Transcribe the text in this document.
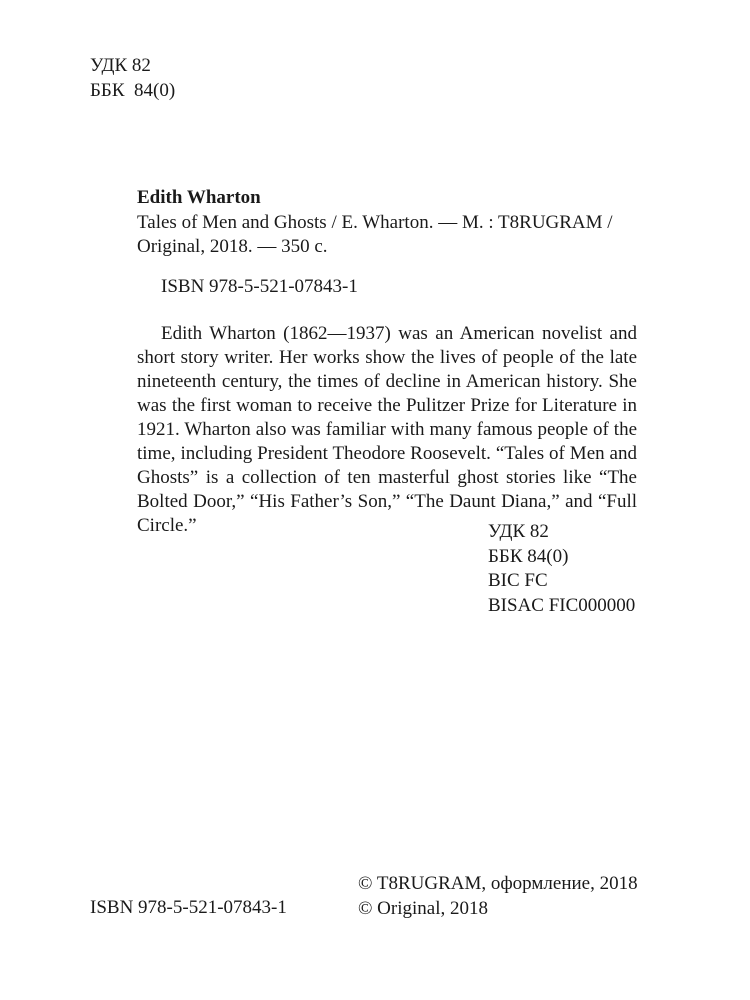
УДК 82
ББК  84(0)
Edith Wharton
Tales of Men and Ghosts / E. Wharton. — M. : T8RUGRAM /
Original, 2018. — 350 c.
ISBN 978-5-521-07843-1

Edith Wharton (1862—1937) was an American novelist and short story writer. Her works show the lives of people of the late nineteenth century, the times of decline in American history. She was the first woman to receive the Pulitzer Prize for Literature in 1921. Wharton also was familiar with many famous people of the time, including President Theodore Roosevelt. “Tales of Men and Ghosts” is a collection of ten masterful ghost stories like “The Bolted Door,” “His Father’s Son,” “The Daunt Diana,” and “Full Circle.”	УДК 82
ББК 84(0)
BIC FC
BISAC FIC000000
ISBN 978-5-521-07843-1
© T8RUGRAM, оформление, 2018
© Original, 2018
